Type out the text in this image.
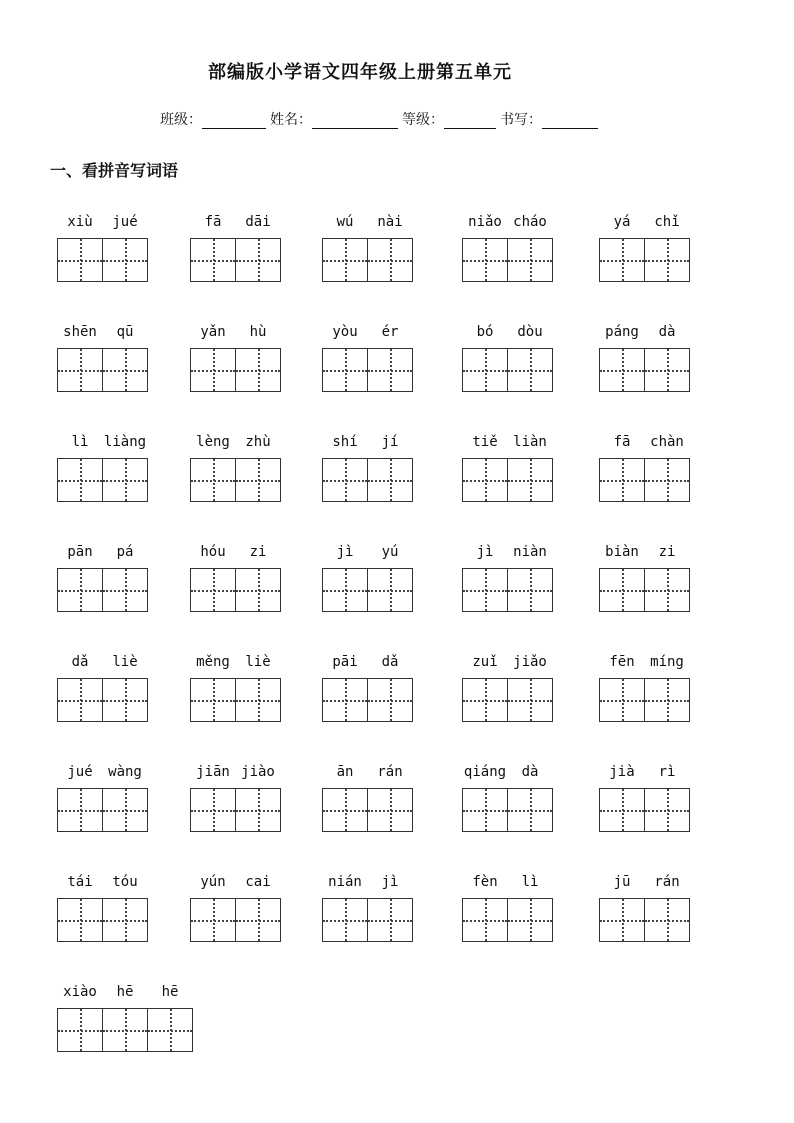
部编版小学语文四年级上册第五单元
班级：	姓名：	等级：	书写：
一、看拼音写词语
xiù	jué	fā	dāi	wú	nài	niǎo cháo	yá	chǐ
shēn	qū	yǎn	hù	yòu	ér	bó	dòu	páng	dà
lì	liàng	lèng	zhù	shí	jí	tiě	liàn	fā	chàn
pān	pá	hóu	zi	jì	yú	jì	niàn	biàn	zi
dǎ	liè	měng	liè	pāi	dǎ	zuǐ	jiǎo	fēn	míng
jué	wàng	jiān jiào	ān	rán	qiáng	dà	jià	rì
tái	tóu	yún	cai	nián	jì	fèn	lì	jū	rán
xiào	hē	hē
